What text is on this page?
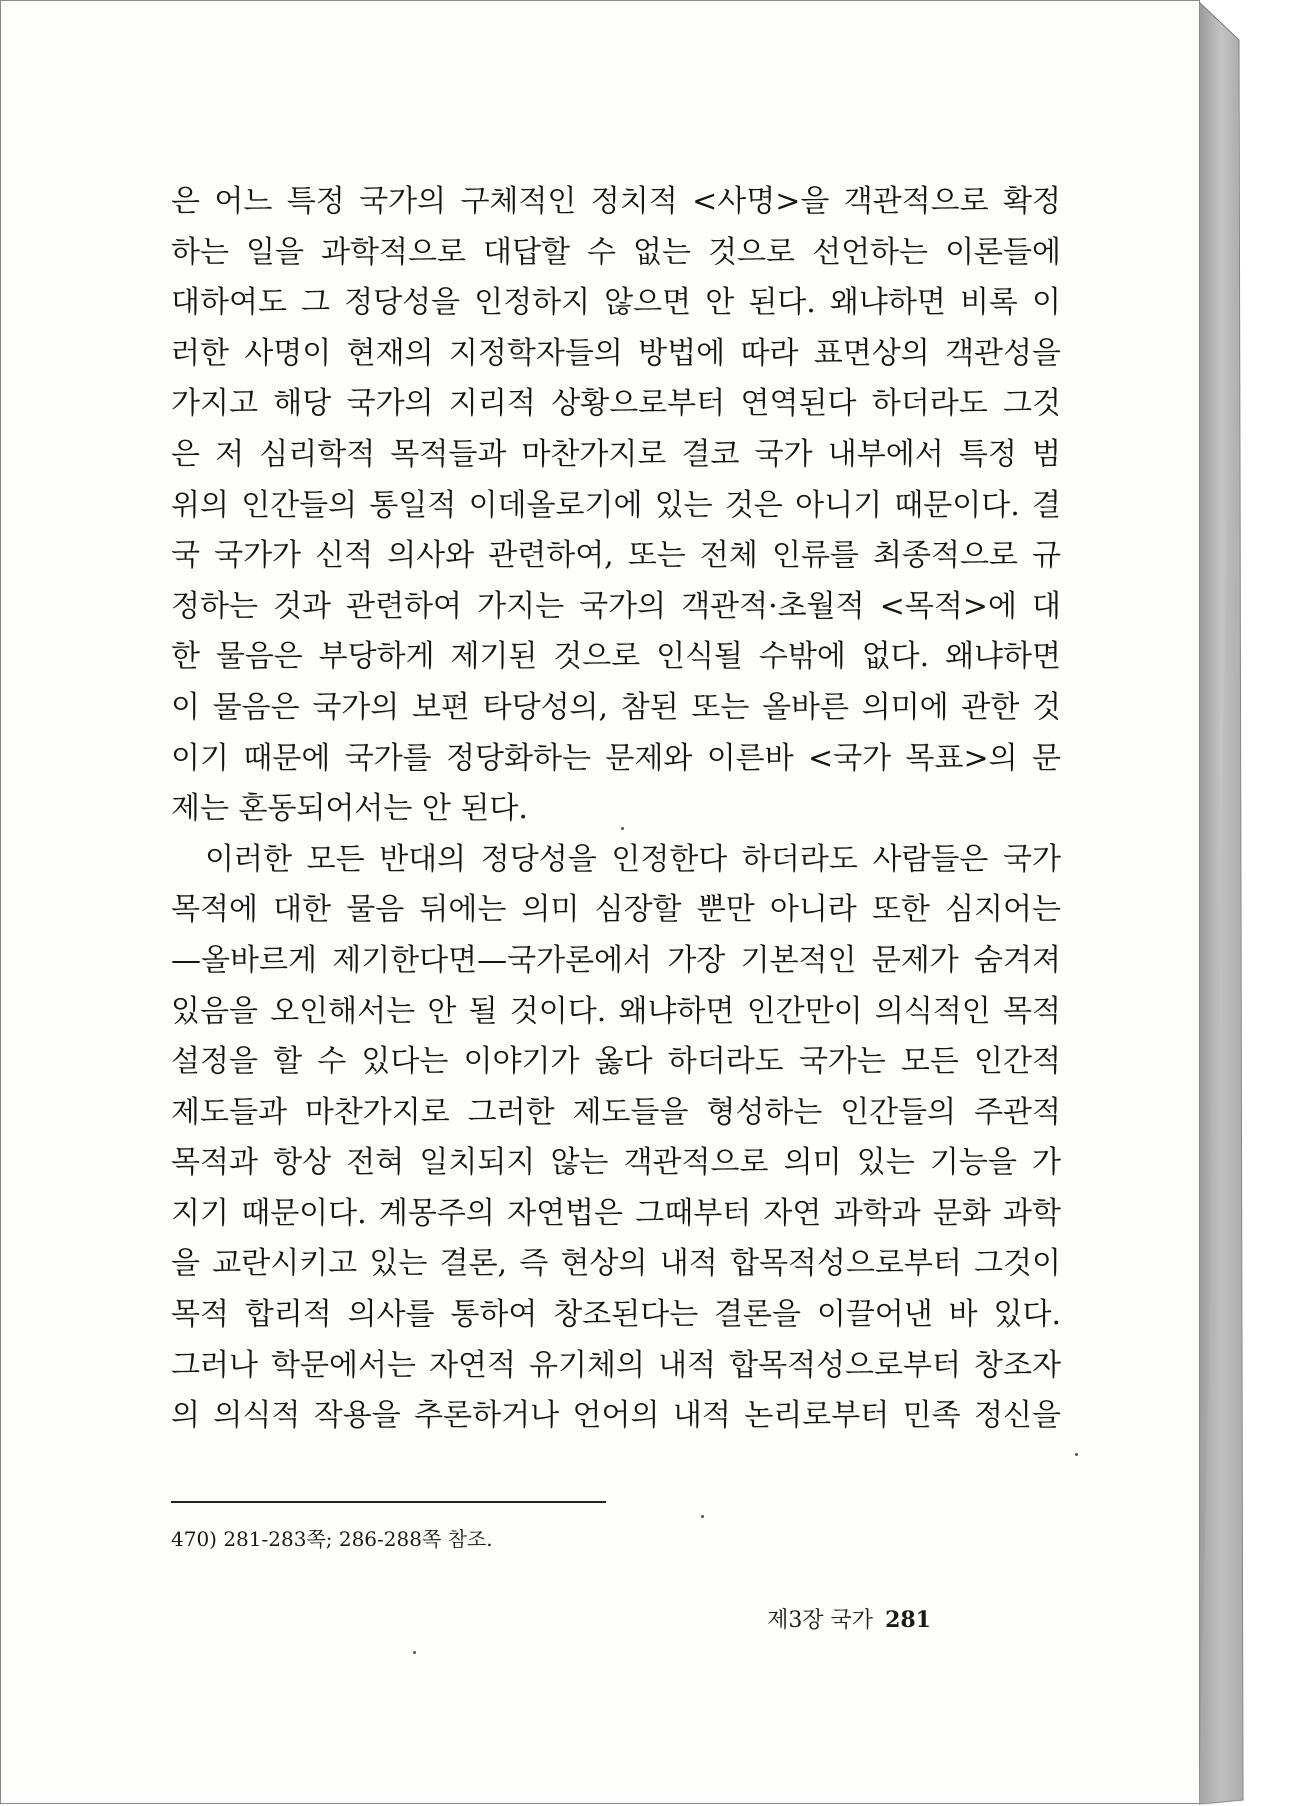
은 어느 특정 국가의 구체적인 정치적 <사명>을 객관적으로 확정
하는 일을 과학적으로 대답할 수 없는 것으로 선언하는 이론들에
대하여도 그 정당성을 인정하지 않으면 안 된다. 왜냐하면 비록 이
러한 사명이 현재의 지정학자들의 방법에 따라 표면상의 객관성을
가지고 해당 국가의 지리적 상황으로부터 연역된다 하더라도 그것
은 저 심리학적 목적들과 마찬가지로 결코 국가 내부에서 특정 범
위의 인간들의 통일적 이데올로기에 있는 것은 아니기 때문이다. 결
국 국가가 신적 의사와 관련하여, 또는 전체 인류를 최종적으로 규
정하는 것과 관련하여 가지는 국가의 객관적·초월적 <목적>에 대
한 물음은 부당하게 제기된 것으로 인식될 수밖에 없다. 왜냐하면
이 물음은 국가의 보편 타당성의, 참된 또는 올바른 의미에 관한 것
이기 때문에 국가를 정당화하는 문제와 이른바 <국가 목표>의 문
제는 혼동되어서는 안 된다.
이러한 모든 반대의 정당성을 인정한다 하더라도 사람들은 국가
목적에 대한 물음 뒤에는 의미 심장할 뿐만 아니라 또한 심지어는
—올바르게 제기한다면—국가론에서 가장 기본적인 문제가 숨겨져
있음을 오인해서는 안 될 것이다. 왜냐하면 인간만이 의식적인 목적
설정을 할 수 있다는 이야기가 옳다 하더라도 국가는 모든 인간적
제도들과 마찬가지로 그러한 제도들을 형성하는 인간들의 주관적
목적과 항상 전혀 일치되지 않는 객관적으로 의미 있는 기능을 가
지기 때문이다. 계몽주의 자연법은 그때부터 자연 과학과 문화 과학
을 교란시키고 있는 결론, 즉 현상의 내적 합목적성으로부터 그것이
목적 합리적 의사를 통하여 창조된다는 결론을 이끌어낸 바 있다.
그러나 학문에서는 자연적 유기체의 내적 합목적성으로부터 창조자
의 의식적 작용을 추론하거나 언어의 내적 논리로부터 민족 정신을
470) 281-283쪽; 286-288쪽 참조.
제3장 국가 281
